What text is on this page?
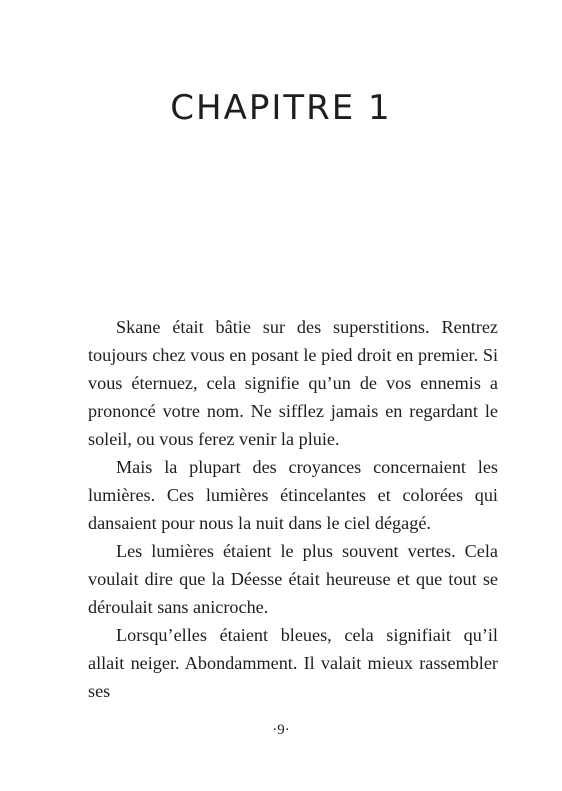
CHAPITRE 1

Skane était bâtie sur des superstitions. Rentrez toujours chez vous en posant le pied droit en premier. Si vous éternuez, cela signifie qu’un de vos ennemis a prononcé votre nom. Ne sifflez jamais en regardant le soleil, ou vous ferez venir la pluie.

Mais la plupart des croyances concernaient les lumières. Ces lumières étincelantes et colorées qui dansaient pour nous la nuit dans le ciel dégagé.

Les lumières étaient le plus souvent vertes. Cela voulait dire que la Déesse était heureuse et que tout se déroulait sans anicroche.

Lorsqu’elles étaient bleues, cela signifiait qu’il allait neiger. Abondamment. Il valait mieux rassembler ses

·9·
